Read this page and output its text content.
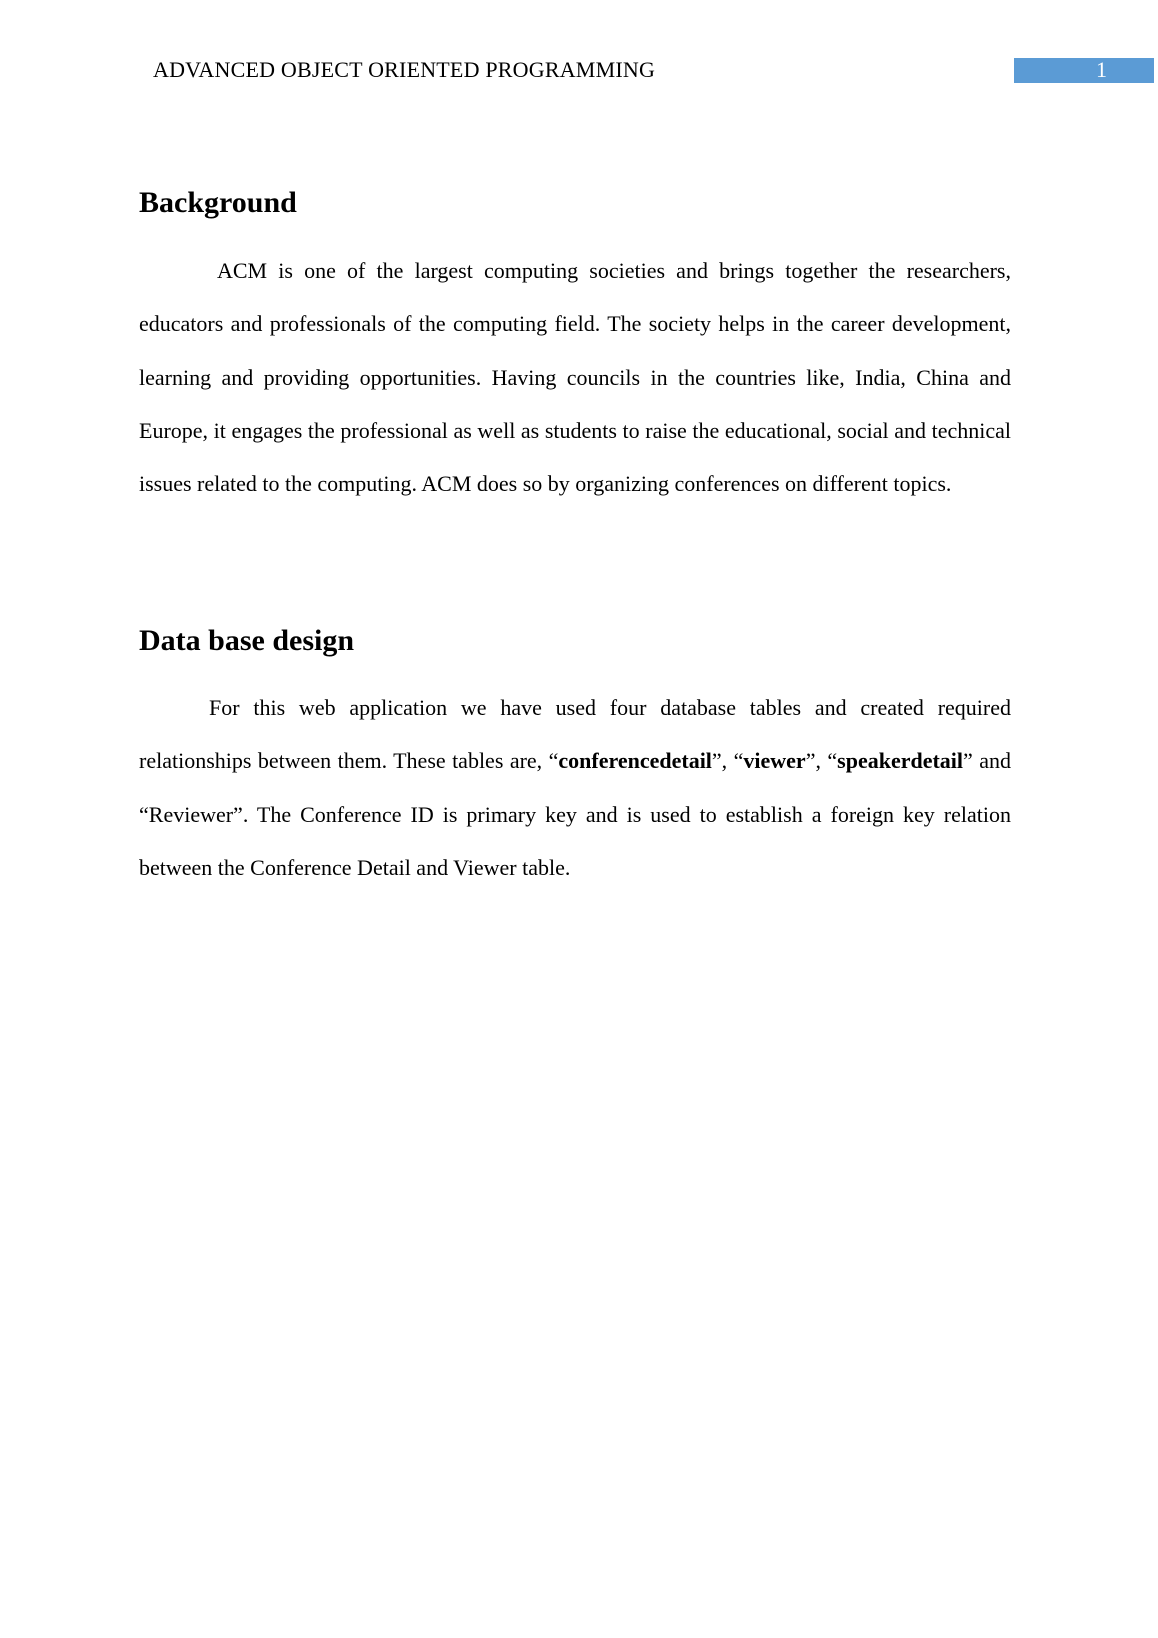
ADVANCED OBJECT ORIENTED PROGRAMMING	1
Background

ACM is one of the largest computing societies and brings together the researchers, educators and professionals of the computing field. The society helps in the career development, learning and providing opportunities. Having councils in the countries like, India, China and Europe, it engages the professional as well as students to raise the educational, social and technical issues related to the computing. ACM does so by organizing conferences on different topics.

Data base design

For this web application we have used four database tables and created required relationships between them. These tables are, “conferencedetail”, “viewer”, “speakerdetail” and “Reviewer”. The Conference ID is primary key and is used to establish a foreign key relation between the Conference Detail and Viewer table.
